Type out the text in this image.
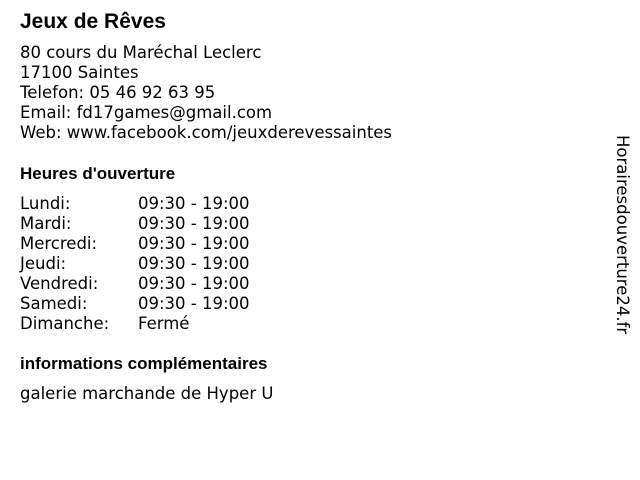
Jeux de Rêves
80 cours du Maréchal Leclerc
17100 Saintes
Telefon: 05 46 92 63 95
Email: fd17games@gmail.com
Web: www.facebook.com/jeuxderevessaintes
Heures d'ouverture
Lundi:	09:30 - 19:00
Mardi:	09:30 - 19:00
Mercredi: 09:30 - 19:00
Jeudi:	09:30 - 19:00
Vendredi: 09:30 - 19:00
Samedi:	09:30 - 19:00
Dimanche: Fermé
informations complémentaires
galerie marchande de Hyper U
Horairesdouverture24.fr
